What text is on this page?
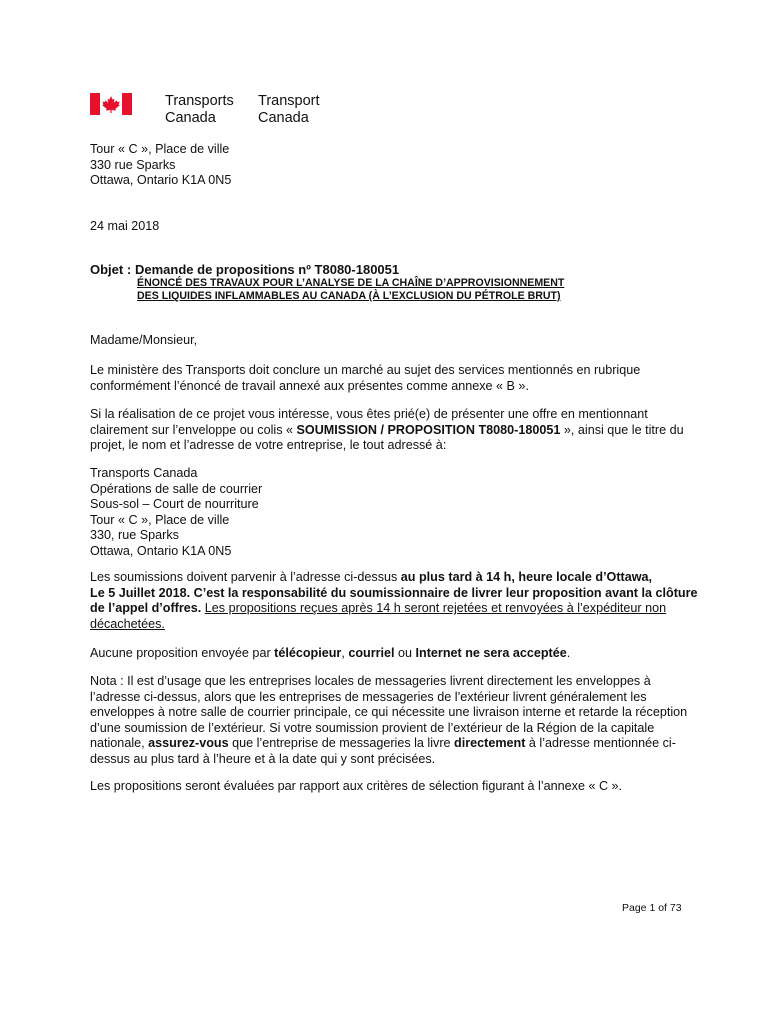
Transports
Canada
Transport
Canada
Tour « C », Place de ville
330 rue Sparks
Ottawa, Ontario K1A 0N5
24 mai 2018
Objet : Demande de propositions nº T8080-180051
ÉNONCÉ DES TRAVAUX POUR L’ANALYSE DE LA CHAÎNE D’APPROVISIONNEMENT
DES LIQUIDES INFLAMMABLES AU CANADA (À L’EXCLUSION DU PÉTROLE BRUT)
Madame/Monsieur,
Le ministère des Transports doit conclure un marché au sujet des services mentionnés en rubrique
conformément l’énoncé de travail annexé aux présentes comme annexe « B ».
Si la réalisation de ce projet vous intéresse, vous êtes prié(e) de présenter une offre en mentionnant
clairement sur l’enveloppe ou colis « SOUMISSION / PROPOSITION T8080-180051 », ainsi que le titre du
projet, le nom et l’adresse de votre entreprise, le tout adressé à:
Transports Canada
Opérations de salle de courrier
Sous-sol – Court de nourriture
Tour « C », Place de ville
330, rue Sparks
Ottawa, Ontario K1A 0N5
Les soumissions doivent parvenir à l’adresse ci-dessus au plus tard à 14 h, heure locale d’Ottawa,
Le 5 Juillet 2018. C’est la responsabilité du soumissionnaire de livrer leur proposition avant la clôture
de l’appel d’offres. Les propositions reçues après 14 h seront rejetées et renvoyées à l’expéditeur non
décachetées.
Aucune proposition envoyée par télécopieur, courriel ou Internet ne sera acceptée.
Nota : Il est d’usage que les entreprises locales de messageries livrent directement les enveloppes à
l’adresse ci-dessus, alors que les entreprises de messageries de l’extérieur livrent généralement les
enveloppes à notre salle de courrier principale, ce qui nécessite une livraison interne et retarde la réception
d’une soumission de l’extérieur. Si votre soumission provient de l’extérieur de la Région de la capitale
nationale, assurez-vous que l’entreprise de messageries la livre directement à l’adresse mentionnée ci-
dessus au plus tard à l’heure et à la date qui y sont précisées.
Les propositions seront évaluées par rapport aux critères de sélection figurant à l’annexe « C ».
Page 1 of 73
